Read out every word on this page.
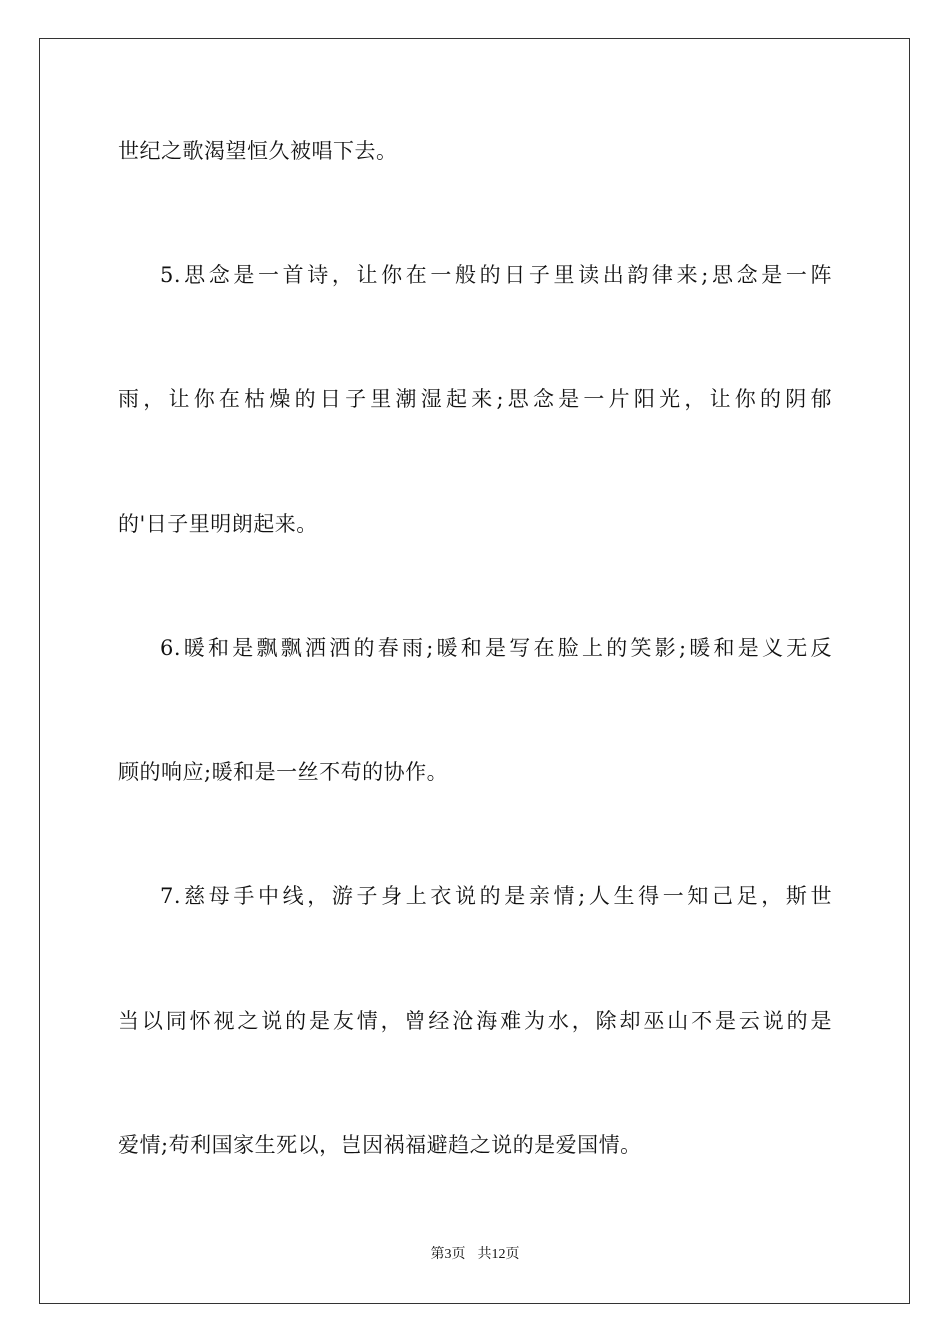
世纪之歌渴望恒久被唱下去。
5.思念是一首诗，让你在一般的日子里读出韵律来;思念是一阵
雨，让你在枯燥的日子里潮湿起来;思念是一片阳光，让你的阴郁
的'日子里明朗起来。
6.暖和是飘飘洒洒的春雨;暖和是写在脸上的笑影;暖和是义无反
顾的响应;暖和是一丝不苟的协作。
7.慈母手中线，游子身上衣说的是亲情;人生得一知己足，斯世
当以同怀视之说的是友情，曾经沧海难为水，除却巫山不是云说的是
爱情;苟利国家生死以，岂因祸福避趋之说的是爱国情。
第3页 共12页
